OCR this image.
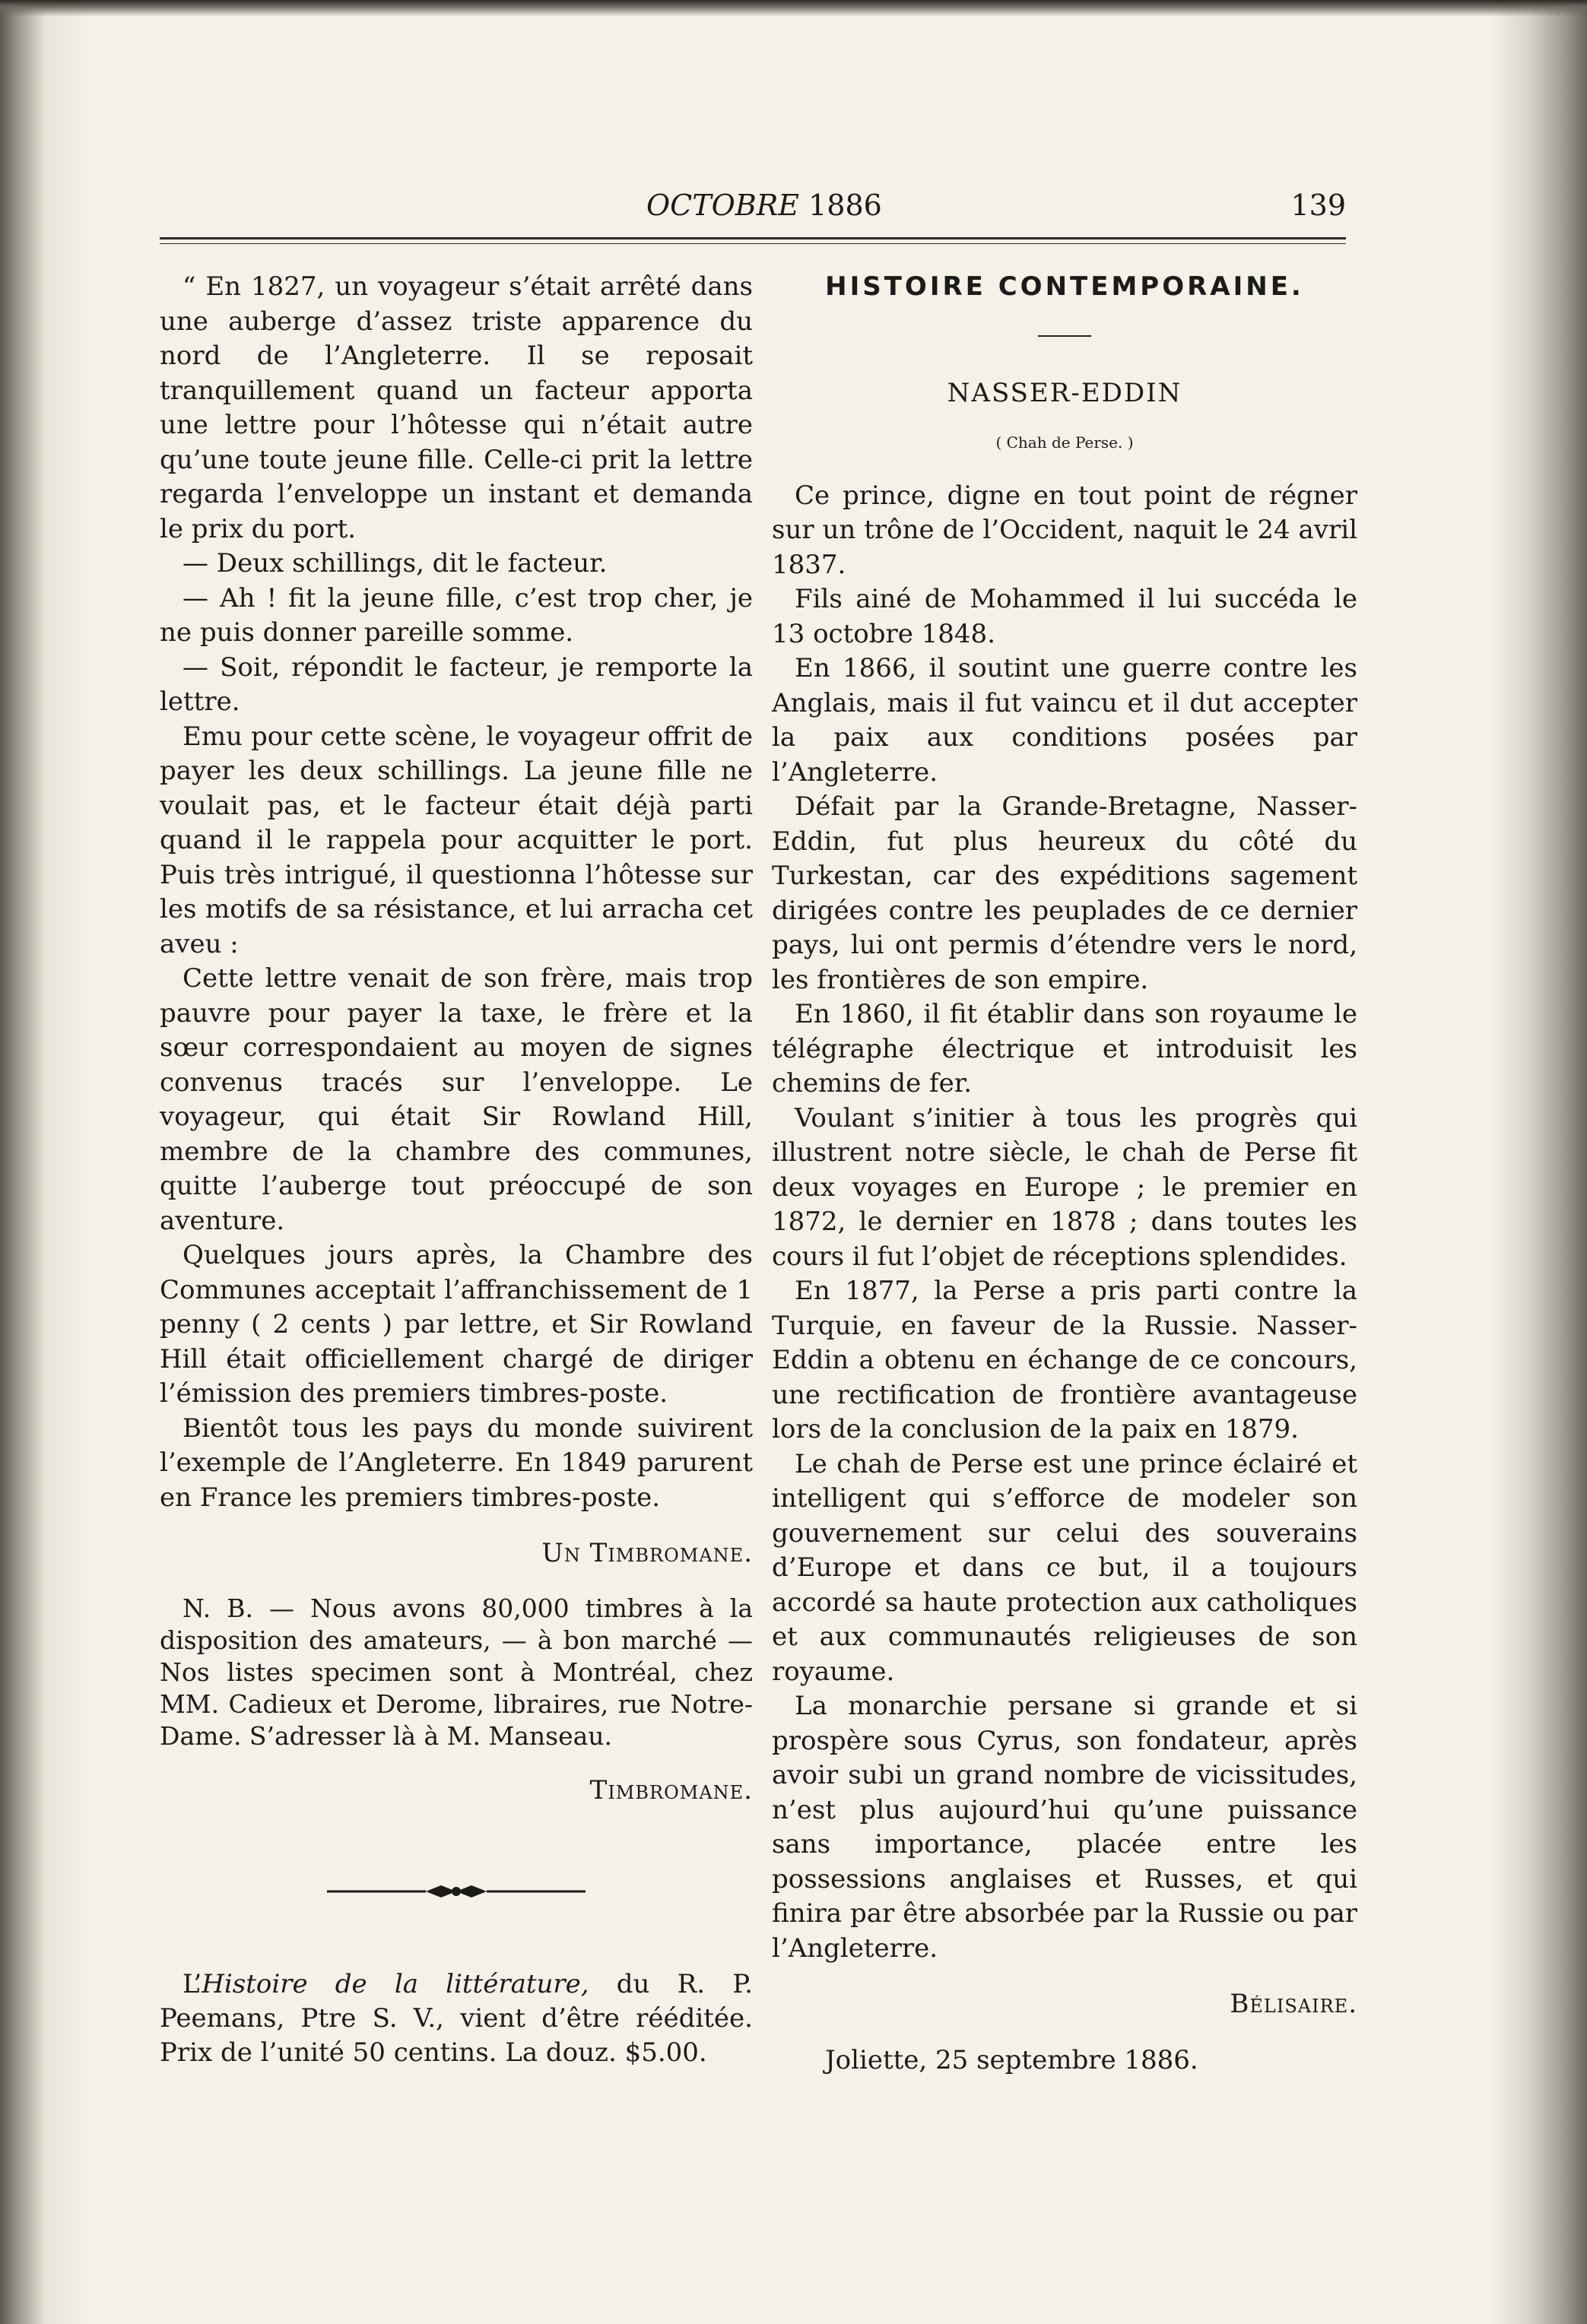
OCTOBRE 1886	139

“ En 1827, un voyageur s’était arrêté dans une auberge d’assez triste apparence du nord de l’Angleterre. Il se reposait tranquillement quand un facteur apporta une lettre pour l’hôtesse qui n’était autre qu’une toute jeune fille. Celle-ci prit la lettre regarda l’enveloppe un instant et demanda le prix du port.

— Deux schillings, dit le facteur.

— Ah ! fit la jeune fille, c’est trop cher, je ne puis donner pareille somme.

— Soit, répondit le facteur, je remporte la lettre.

Emu pour cette scène, le voyageur offrit de payer les deux schillings. La jeune fille ne voulait pas, et le facteur était déjà parti quand il le rappela pour acquitter le port. Puis très intrigué, il questionna l’hôtesse sur les motifs de sa résistance, et lui arracha cet aveu :

Cette lettre venait de son frère, mais trop pauvre pour payer la taxe, le frère et la sœur correspondaient au moyen de signes convenus tracés sur l’enveloppe. Le voyageur, qui était Sir Rowland Hill, membre de la chambre des communes, quitte l’auberge tout préoccupé de son aventure.

Quelques jours après, la Chambre des Communes acceptait l’affranchissement de 1 penny ( 2 cents ) par lettre, et Sir Rowland Hill était officiellement chargé de diriger l’émission des premiers timbres-poste.

Bientôt tous les pays du monde suivirent l’exemple de l’Angleterre. En 1849 parurent en France les premiers timbres-poste.

Un Timbromane.

N. B. — Nous avons 80,000 timbres à la disposition des amateurs, — à bon marché — Nos listes specimen sont à Montréal, chez MM. Cadieux et Derome, libraires, rue Notre-Dame. S’adresser là à M. Manseau.

Timbromane.

L’Histoire de la littérature, du R. P. Peemans, Ptre S. V., vient d’être rééditée. Prix de l’unité 50 centins. La douz. $5.00.

HISTOIRE CONTEMPORAINE.
NASSER-EDDIN
( Chah de Perse. )

Ce prince, digne en tout point de régner sur un trône de l’Occident, naquit le 24 avril 1837.

Fils ainé de Mohammed il lui succéda le 13 octobre 1848.

En 1866, il soutint une guerre contre les Anglais, mais il fut vaincu et il dut accepter la paix aux conditions posées par l’Angleterre.

Défait par la Grande-Bretagne, Nasser-Eddin, fut plus heureux du côté du Turkestan, car des expéditions sagement dirigées contre les peuplades de ce dernier pays, lui ont permis d’étendre vers le nord, les frontières de son empire.

En 1860, il fit établir dans son royaume le télégraphe électrique et introduisit les chemins de fer.

Voulant s’initier à tous les progrès qui illustrent notre siècle, le chah de Perse fit deux voyages en Europe ; le premier en 1872, le dernier en 1878 ; dans toutes les cours il fut l’objet de réceptions splendides.

En 1877, la Perse a pris parti contre la Turquie, en faveur de la Russie. Nasser-Eddin a obtenu en échange de ce concours, une rectification de frontière avantageuse lors de la conclusion de la paix en 1879.

Le chah de Perse est une prince éclairé et intelligent qui s’efforce de modeler son gouvernement sur celui des souverains d’Europe et dans ce but, il a toujours accordé sa haute protection aux catholiques et aux communautés religieuses de son royaume.

La monarchie persane si grande et si prospère sous Cyrus, son fondateur, après avoir subi un grand nombre de vicissitudes, n’est plus aujourd’hui qu’une puissance sans importance, placée entre les possessions anglaises et Russes, et qui finira par être absorbée par la Russie ou par l’Angleterre.

Bélisaire.

Joliette, 25 septembre 1886.
